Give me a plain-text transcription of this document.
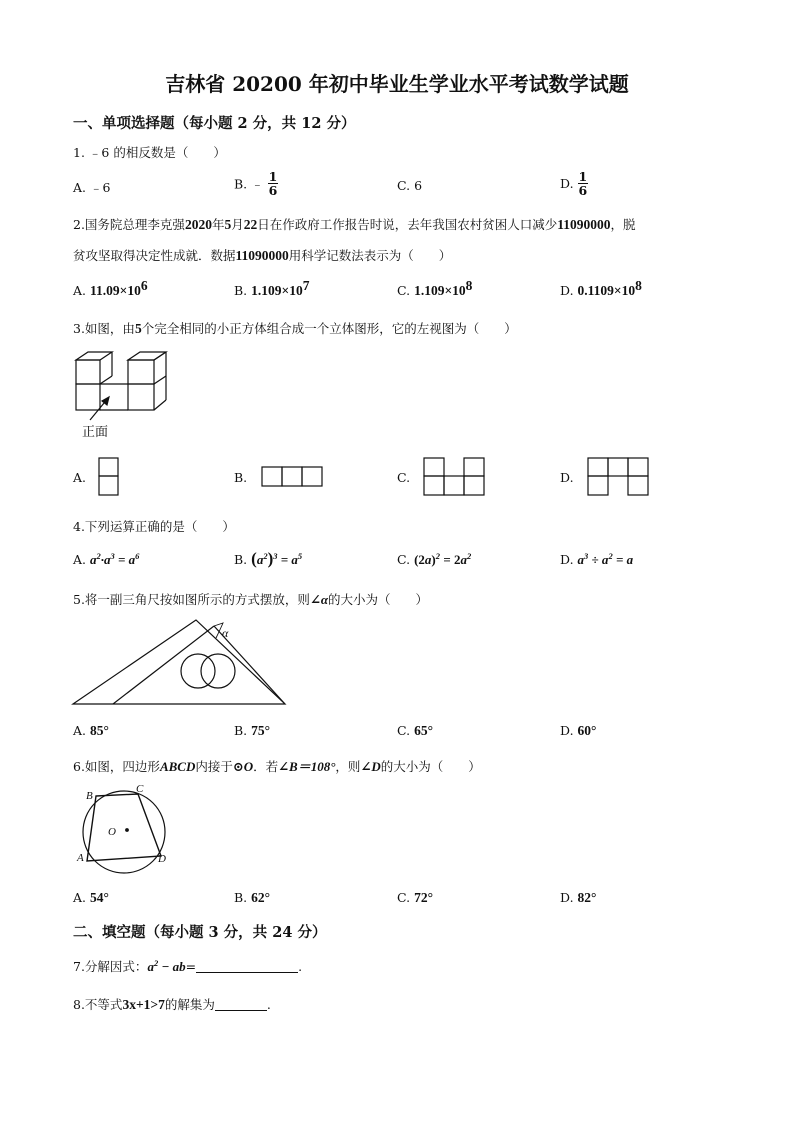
吉林省 20200 年初中毕业生学业水平考试数学试题
一、单项选择题（每小题 2 分，共 12 分）
1. ﹣6 的相反数是（　　）
A. ﹣6	B. ﹣ $\frac{1}{6}$	C. 6	D. $\frac{1}{6}$
2.国务院总理李克强2020年5月22日在作政府工作报告时说，去年我国农村贫困人口减少11090000，脱
贫攻坚取得决定性成就．数据11090000用科学记数法表示为（　　）
A. $11.09\times 10^6$	B. $1.109\times 10^7$	C. $1.109\times 10^8$	D. $0.1109\times 10^8$
3.如图，由5个完全相同的小正方体组合成一个立体图形，它的左视图为（　　）
正面
A.	B.	C.	D.
4.下列运算正确的是（　　）
A. $a^2\cdot a^3 = a^6$	B. $(a^2)^3 = a^5$	C. $(2a)^2 = 2a^2$	D. $a^3 \div a^2 = a$
5.将一副三角尺按如图所示的方式摆放，则∠α的大小为（　　）
α
A. 85°	B. 75°	C. 65°	D. 60°
6.如图，四边形ABCD内接于⊙O．若∠B＝108°，则∠D的大小为（　　）
B
C
O
A	D
A. 54°	B. 62°	C. 72°	D. 82°
二、填空题（每小题 3 分，共 24 分）
7.分解因式：$a^2 - ab=$	.
8.不等式3x+1>7的解集为	.
